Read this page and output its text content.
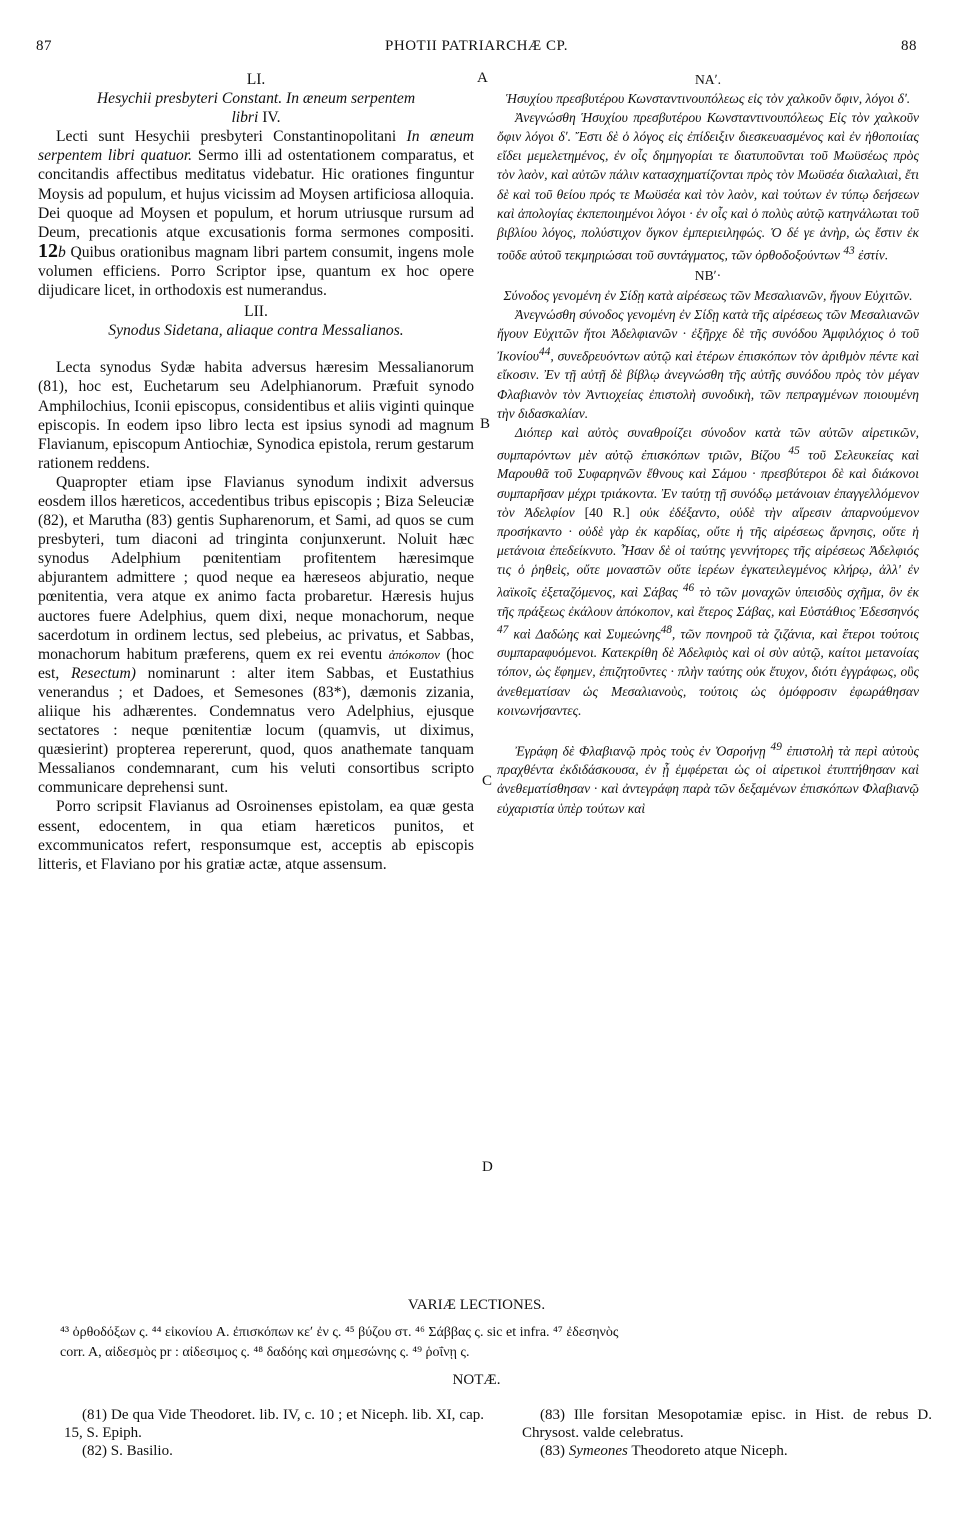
87	PHOTII PATRIARCHÆ CP.	88
A
B
C
D
LI.
Hesychii presbyteri Constant. In æneum serpentem
libri IV.

Lecti sunt Hesychii presbyteri Constantinopolitani In æneum serpentem libri quatuor. Sermo illi ad ostentationem comparatus, et concitandis affectibus meditatus videbatur. Hic orationes finguntur Moysis ad populum, et hujus vicissim ad Moysen artificiosa alloquia. Dei quoque ad Moysen et populum, et horum utriusque rursum ad Deum, precationis atque excusationis forma sermones compositi. 12b Quibus orationibus magnam libri partem consumit, ingens mole volumen efficiens. Porro Scriptor ipse, quantum ex hoc opere dijudicare licet, in orthodoxis est numerandus.

LII.
Synodus Sidetana, aliaque contra Messalianos.

Lecta synodus Sydæ habita adversus hæresim Messalianorum (81), hoc est, Euchetarum seu Adelphianorum. Præfuit synodo Amphilochius, Iconii episcopus, considentibus et aliis viginti quinque episcopis. In eodem ipso libro lecta est ipsius synodi ad magnum Flavianum, episcopum Antiochiæ, Synodica epistola, rerum gestarum rationem reddens.

Quapropter etiam ipse Flavianus synodum indixit adversus eosdem illos hæreticos, accedentibus tribus episcopis ; Biza Seleuciæ (82), et Marutha (83) gentis Supharenorum, et Sami, ad quos se cum presbyteri, tum diaconi ad tringinta conjunxerunt. Noluit hæc synodus Adelphium pœnitentiam profitentem hæresimque abjurantem admittere ; quod neque ea hæreseos abjuratio, neque pœnitentia, vera atque ex animo facta probaretur. Hæresis hujus auctores fuere Adelphius, quem dixi, neque monachorum, neque sacerdotum in ordinem lectus, sed plebeius, ac privatus, et Sabbas, monachorum habitum præferens, quem ex rei eventu ἀπόκοπον (hoc est, Resectum) nominarunt : alter item Sabbas, et Eustathius venerandus ; et Dadoes, et Semesones (83*), dæmonis zizania, aliique his adhærentes. Condemnatus vero Adelphius, ejusque sectatores : neque pœnitentiæ locum (quamvis, ut diximus, quæsierint) propterea repererunt, quod, quos anathemate tanquam Messalianos condemnarant, cum his veluti consortibus scripto communicare deprehensi sunt.

Porro scripsit Flavianus ad Osroinenses epistolam, ea quæ gesta essent, edocentem, in qua etiam hæreticos punitos, et excommunicatos refert, responsumque est, acceptis ab episcopis litteris, et Flaviano por his gratiæ actæ, atque assensum.

ΝΑʹ.
Ἡσυχίου πρεσβυτέρου Κωνσταντινουπόλεως εἰς τὸν χαλκοῦν ὄφιν, λόγοι δʹ.

Ἀνεγνώσθη Ἡσυχίου πρεσβυτέρου Κωνσταντινουπόλεως Εἰς τὸν χαλκοῦν ὄφιν λόγοι δʹ. Ἔστι δὲ ὁ λόγος εἰς ἐπίδειξιν διεσκευασμένος καὶ ἐν ἠθοποιίας εἴδει μεμελετημένος, ἐν οἷς δημηγορίαι τε διατυποῦνται τοῦ Μωϋσέως πρὸς τὸν λαὸν, καὶ αὐτῶν πάλιν κατασχηματίζονται πρὸς τὸν Μωϋσέα διαλαλιαὶ, ἔτι δὲ καὶ τοῦ θείου πρός τε Μωϋσέα καὶ τὸν λαὸν, καὶ τούτων ἐν τύπῳ δεήσεων καὶ ἀπολογίας ἐκπεποιημένοι λόγοι · ἐν οἷς καὶ ὁ πολὺς αὐτῷ κατηνάλωται τοῦ βιβλίου λόγος, πολύστιχον ὄγκον ἐμπεριειληφώς. Ὁ δέ γε ἀνὴρ, ὡς ἔστιν ἐκ τοῦδε αὐτοῦ τεκμηριώσαι τοῦ συντάγματος, τῶν ὀρθοδοξούντων $^{43}$ ἐστίν.

ΝΒʹ·
Σύνοδος γενομένη ἐν Σίδῃ κατὰ αἱρέσεως τῶν Μεσαλιανῶν, ἤγουν Εὐχιτῶν.

Ἀνεγνώσθη σύνοδος γενομένη ἐν Σίδῃ κατὰ τῆς αἱρέσεως τῶν Μεσαλιανῶν ἤγουν Εὐχιτῶν ἤτοι Ἀδελφιανῶν · ἐξῆρχε δὲ τῆς συνόδου Ἀμφιλόχιος ὁ τοῦ Ἰκονίου$^{44}$, συνεδρευόντων αὐτῷ καὶ ἑτέρων ἐπισκόπων τὸν ἀριθμὸν πέντε καὶ εἴκοσιν. Ἐν τῇ αὐτῇ δὲ βίβλῳ ἀνεγνώσθη τῆς αὐτῆς συνόδου πρὸς τὸν μέγαν Φλαβιανὸν τὸν Ἀντιοχείας ἐπιστολὴ συνοδικὴ, τῶν πεπραγμένων ποιουμένη τὴν διδασκαλίαν.

Διόπερ καὶ αὐτὸς συναθροίζει σύνοδον κατὰ τῶν αὐτῶν αἱρετικῶν, συμπαρόντων μὲν αὐτῷ ἐπισκόπων τριῶν, Βίζου $^{45}$ τοῦ Σελευκείας καὶ Μαρουθᾶ τοῦ Συφαρηνῶν ἔθνους καὶ Σάμου · πρεσβύτεροι δὲ καὶ διάκονοι συμπαρῆσαν μέχρι τριάκοντα. Ἐν ταύτῃ τῇ συνόδῳ μετάνοιαν ἐπαγγελλόμενον τὸν Ἀδελφίον [40 R.] οὐκ ἐδέξαντο, οὐδὲ τὴν αἵρεσιν ἀπαρνούμενον προσήκαντο · οὐδὲ γὰρ ἐκ καρδίας, οὔτε ἡ τῆς αἱρέσεως ἄρνησις, οὔτε ἡ μετάνοια ἐπεδείκνυτο. Ἦσαν δὲ οἱ ταύτης γεννήτορες τῆς αἱρέσεως Ἀδελφιός τις ὁ ῥηθεὶς, οὔτε μοναστῶν οὔτε ἱερέων ἐγκατειλεγμένος κλήρῳ, ἀλλ' ἐν λαϊκοῖς ἐξεταζόμενος, καὶ Σάβας $^{46}$ τὸ τῶν μοναχῶν ὑπεισδὺς σχῆμα, ὃν ἐκ τῆς πράξεως ἐκάλουν ἀπόκοπον, καὶ ἕτερος Σάβας, καὶ Εὐστάθιος Ἐδεσσηνός $^{47}$ καὶ Δαδώης καὶ Συμεώνης$^{48}$, τῶν πονηροῦ τὰ ζιζάνια, καὶ ἕτεροι τούτοις συμπαραφυόμενοι. Κατεκρίθη δὲ Ἀδελφιὸς καὶ οἱ σὺν αὐτῷ, καίτοι μετανοίας τόπον, ὡς ἔφημεν, ἐπιζητοῦντες · πλὴν ταύτης οὐκ ἔτυχον, διότι ἐγγράφως, οὓς ἀνεθεματίσαν ὡς Μεσαλιανοὺς, τούτοις ὡς ὁμόφροσιν ἐφωράθησαν κοινωνήσαντες.

Ἐγράφη δὲ Φλαβιανῷ πρὸς τοὺς ἐν Ὀσροήνῃ $^{49}$ ἐπιστολὴ τὰ περὶ αὐτοὺς πραχθέντα ἐκδιδάσκουσα, ἐν ᾗ ἐμφέρεται ὡς οἱ αἱρετικοὶ ἐτυπτήθησαν καὶ ἀνεθεματίσθησαν · καὶ ἀντεγράφη παρὰ τῶν δεξαμένων ἐπισκόπων Φλαβιανῷ εὐχαριστία ὑπὲρ τούτων καὶ

VARIÆ LECTIONES.
⁴³ ὀρθοδόξων ς. ⁴⁴ εἰκονίου A. ἐπισκόπων κεʹ ἐν ς. ⁴⁵ βύζου στ. ⁴⁶ Σάββας ς. sic et infra. ⁴⁷ ἐδεσηνὸς
corr. A, αἰδεσμὸς pr : αἰδεσιμος ς. ⁴⁸ δαδόης καὶ σημεσώνης ς. ⁴⁹ ῥοΐνῃ ς.
NOTÆ.

(81) De qua Vide Theodoret. lib. IV, c. 10 ; et Niceph. lib. XI, cap. 15, S. Epiph.

(82) S. Basilio.

(83) Ille forsitan Mesopotamiæ episc. in Hist. de rebus D. Chrysost. valde celebratus.

(83) Symeones Theodoreto atque Niceph.
